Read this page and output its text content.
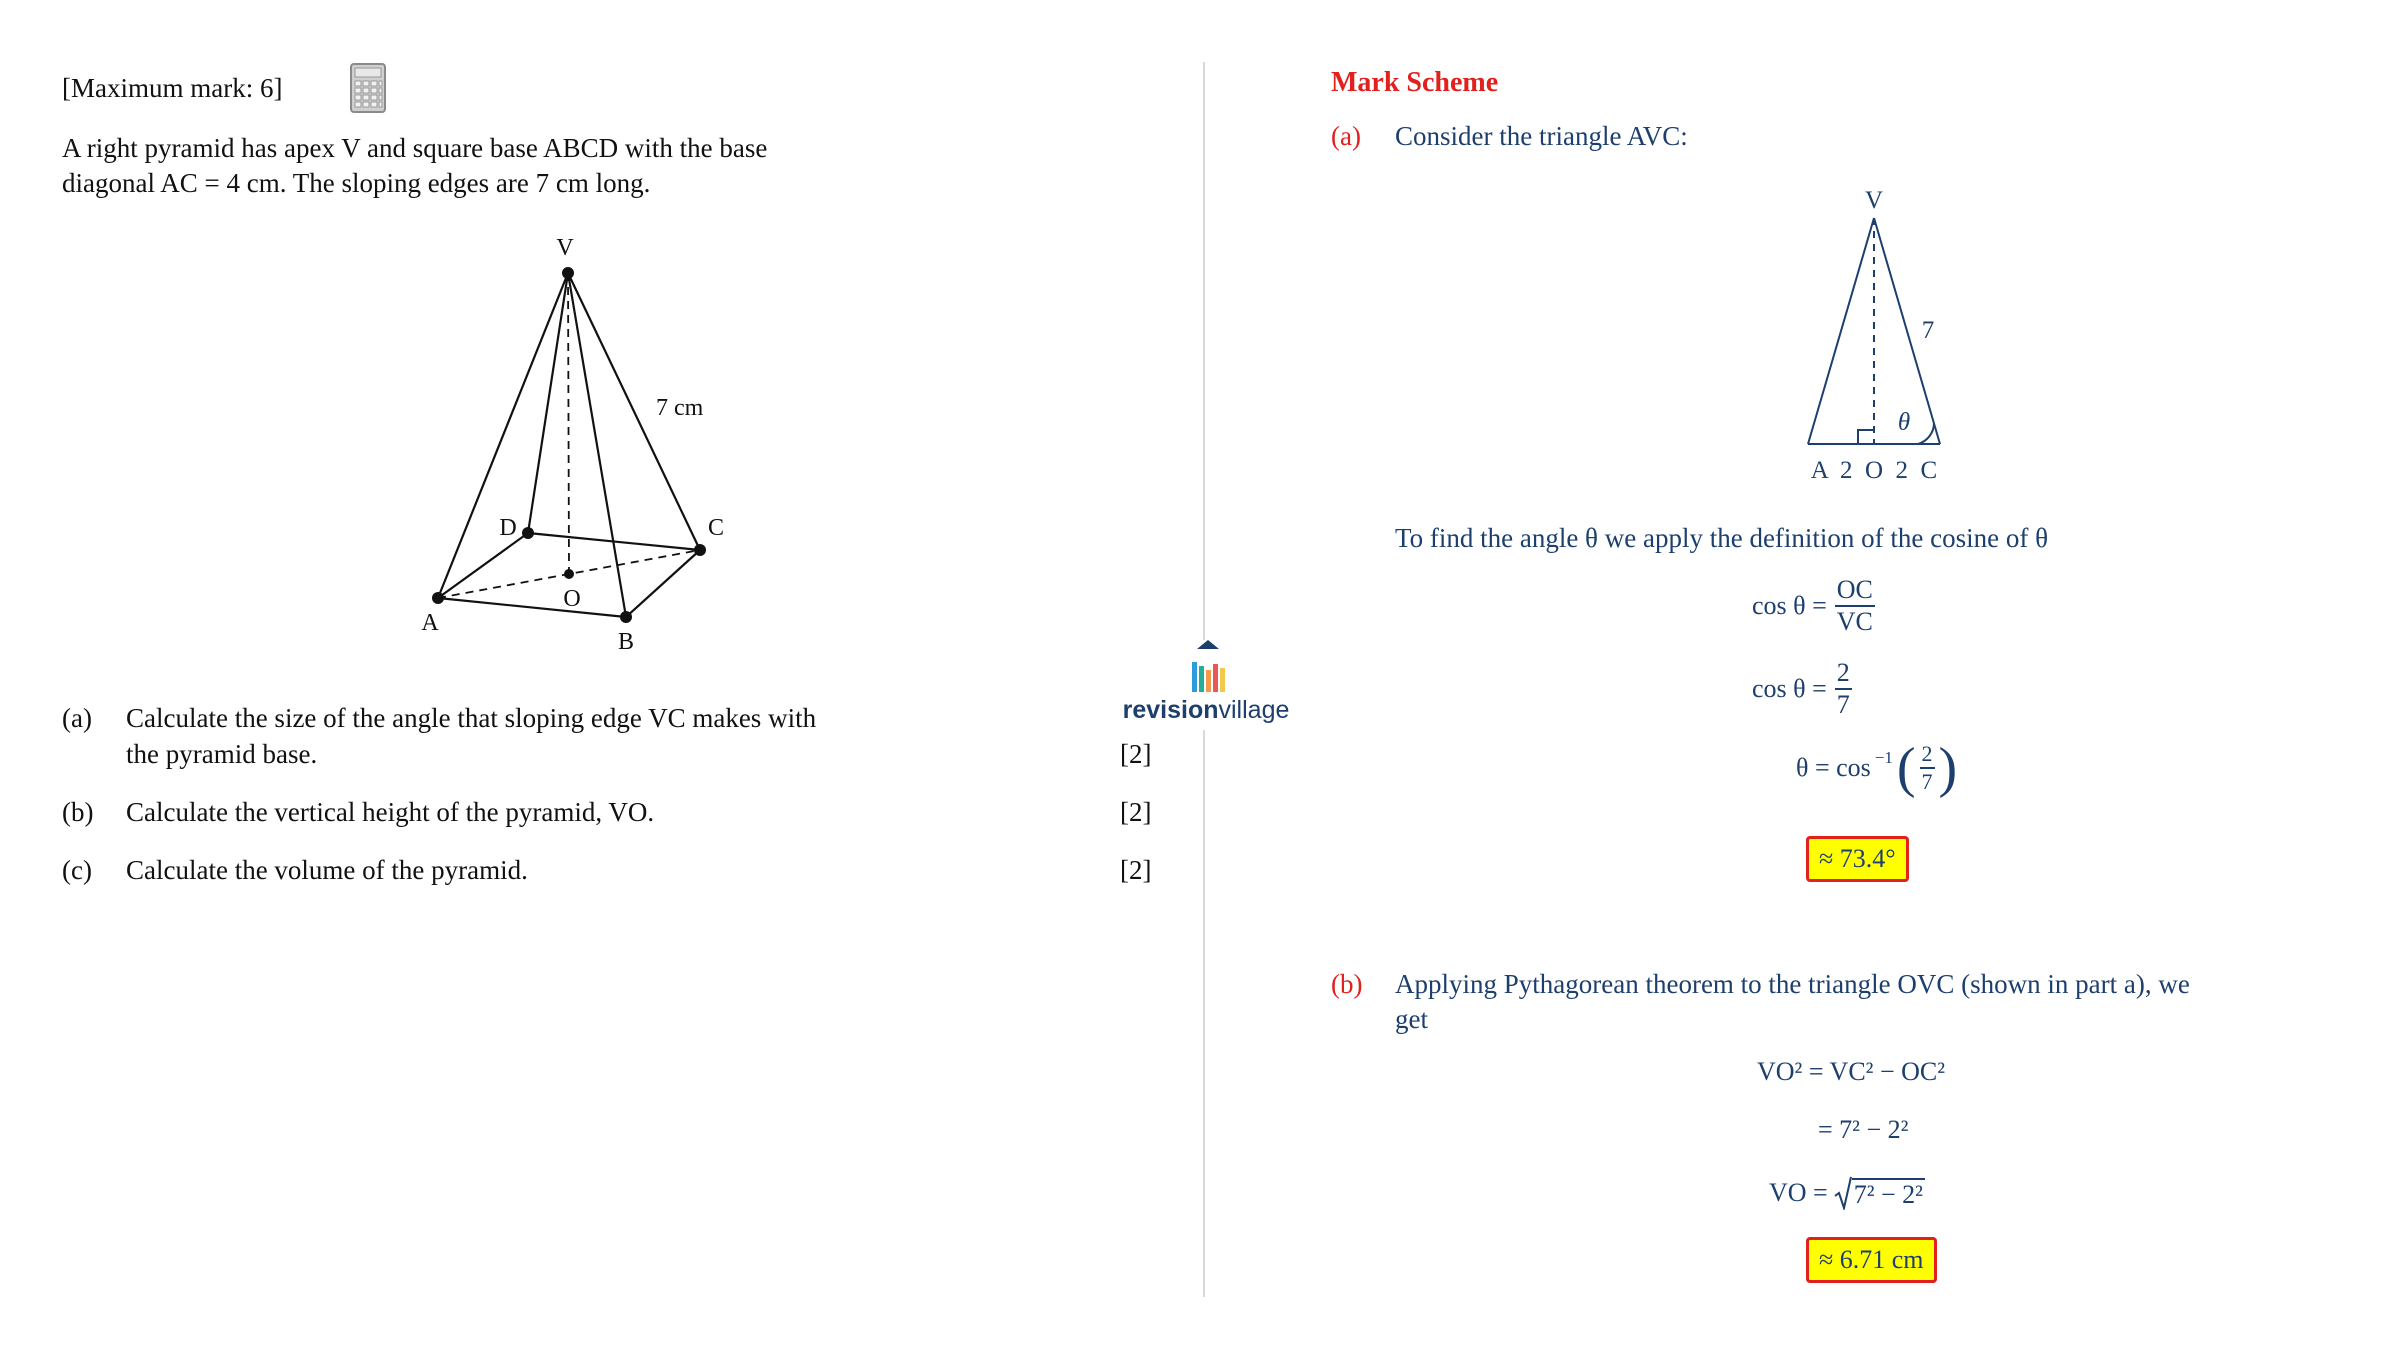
[Maximum mark: 6]
A right pyramid has apex V and square base ABCD with the base
diagonal AC = 4 cm. The sloping edges are 7 cm long.
V
A
B
C
D
O
7 cm
(a)	Calculate the size of the angle that sloping edge VC makes with
the pyramid base.	[2]
(b)	Calculate the vertical height of the pyramid, VO.	[2]
(c)	Calculate the volume of the pyramid.	[2]
revisionvillage
Mark Scheme
(a) Consider the triangle AVC:
V
7
θ
A  2  O  2  C
To find the angle θ we apply the definition of the cosine of θ
$\cos \theta = \frac{OC}{VC}$
$\cos \theta = \frac{2}{7}$
$\theta = \cos^{-1}$ ( $\frac{2}{7}$ )
≈ 73.4°
(b) Applying Pythagorean theorem to the triangle OVC (shown in part a), we
get
VO² = VC² − OC²
= 7² − 2²
VO = 7² − 2²
≈ 6.71 cm
